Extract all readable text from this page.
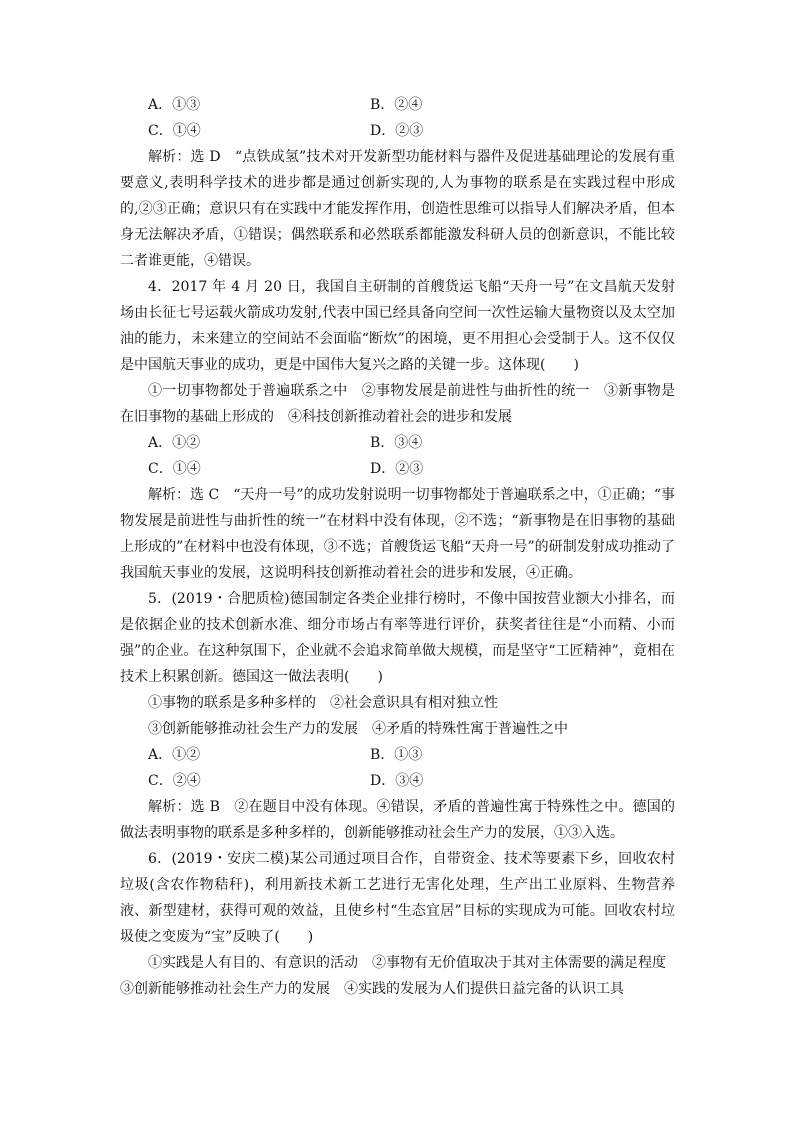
A．①③	B．②④
C．①④	D．②③

解析：选 D　“点铁成氢”技术对开发新型功能材料与器件及促进基础理论的发展有重要意义,表明科学技术的进步都是通过创新实现的,人为事物的联系是在实践过程中形成的,②③正确；意识只有在实践中才能发挥作用，创造性思维可以指导人们解决矛盾，但本身无法解决矛盾，①错误；偶然联系和必然联系都能激发科研人员的创新意识，不能比较二者谁更能，④错误。

4．2017 年 4 月 20 日，我国自主研制的首艘货运飞船“天舟一号”在文昌航天发射场由长征七号运载火箭成功发射,代表中国已经具备向空间一次性运输大量物资以及太空加油的能力，未来建立的空间站不会面临“断炊”的困境，更不用担心会受制于人。这不仅仅是中国航天事业的成功，更是中国伟大复兴之路的关键一步。这体现(　　)

①一切事物都处于普遍联系之中　②事物发展是前进性与曲折性的统一　③新事物是在旧事物的基础上形成的　④科技创新推动着社会的进步和发展

A．①②	B．③④
C．①④	D．②③

解析：选 C　“天舟一号”的成功发射说明一切事物都处于普遍联系之中，①正确；“事物发展是前进性与曲折性的统一”在材料中没有体现，②不选；“新事物是在旧事物的基础上形成的”在材料中也没有体现，③不选；首艘货运飞船“天舟一号”的研制发射成功推动了我国航天事业的发展，这说明科技创新推动着社会的进步和发展，④正确。

5．(2019・合肥质检)德国制定各类企业排行榜时，不像中国按营业额大小排名，而是依据企业的技术创新水准、细分市场占有率等进行评价，获奖者往往是“小而精、小而强”的企业。在这种氛围下，企业就不会追求简单做大规模，而是坚守“工匠精神”，竟相在技术上积累创新。德国这一做法表明(　　)

①事物的联系是多种多样的　②社会意识具有相对独立性

③创新能够推动社会生产力的发展　④矛盾的特殊性寓于普遍性之中

A．①②	B．①③
C．②④	D．③④

解析：选 B　②在题目中没有体现。④错误，矛盾的普遍性寓于特殊性之中。德国的做法表明事物的联系是多种多样的，创新能够推动社会生产力的发展，①③入选。

6．(2019・安庆二模)某公司通过项目合作，自带资金、技术等要素下乡，回收农村垃圾(含农作物秸秆)，利用新技术新工艺进行无害化处理，生产出工业原料、生物营养液、新型建材，获得可观的效益，且使乡村“生态宜居”目标的实现成为可能。回收农村垃圾使之变废为“宝”反映了(　　)

①实践是人有目的、有意识的活动　②事物有无价值取决于其对主体需要的满足程度

③创新能够推动社会生产力的发展　④实践的发展为人们提供日益完备的认识工具
